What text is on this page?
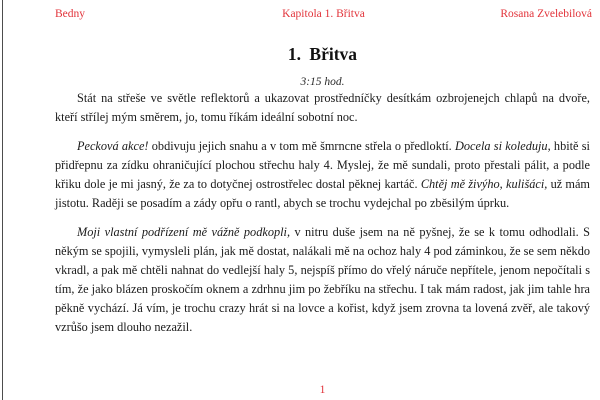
Bedny	Kapitola 1. Břitva	Rosana Zvelebilová
1. Břitva
3:15 hod.

Stát na střeše ve světle reflektorů a ukazovat prostředníčky desítkám ozbrojenejch chlapů na dvoře, kteří střílej mým směrem, jo, tomu říkám ideální sobotní noc.

Pecková akce! obdivuju jejich snahu a v tom mě šmrncne střela o předloktí. Docela si koleduju, hbitě si přidřepnu za zídku ohraničující plochou střechu haly 4. Myslej, že mě sundali, proto přestali pálit, a podle křiku dole je mi jasný, že za to dotyčnej ostrostřelec dostal pěknej kartáč. Chtěj mě živýho, kulišáci, už mám jistotu. Raději se posadím a zády opřu o rantl, abych se trochu vydejchal po zběsilým úprku.

Moji vlastní podřízení mě vážně podkopli, v nitru duše jsem na ně pyšnej, že se k tomu odhodlali. S někým se spojili, vymysleli plán, jak mě dostat, nalákali mě na ochoz haly 4 pod záminkou, že se sem někdo vkradl, a pak mě chtěli nahnat do vedlejší haly 5, nejspíš přímo do vřelý náruče nepřítele, jenom nepočítali s tím, že jako blázen proskočím oknem a zdrhnu jim po žebříku na střechu. I tak mám radost, jak jim tahle hra pěkně vychází. Já vím, je trochu crazy hrát si na lovce a kořist, když jsem zrovna ta lovená zvěř, ale takový vzrůšo jsem dlouho nezažil.

1
